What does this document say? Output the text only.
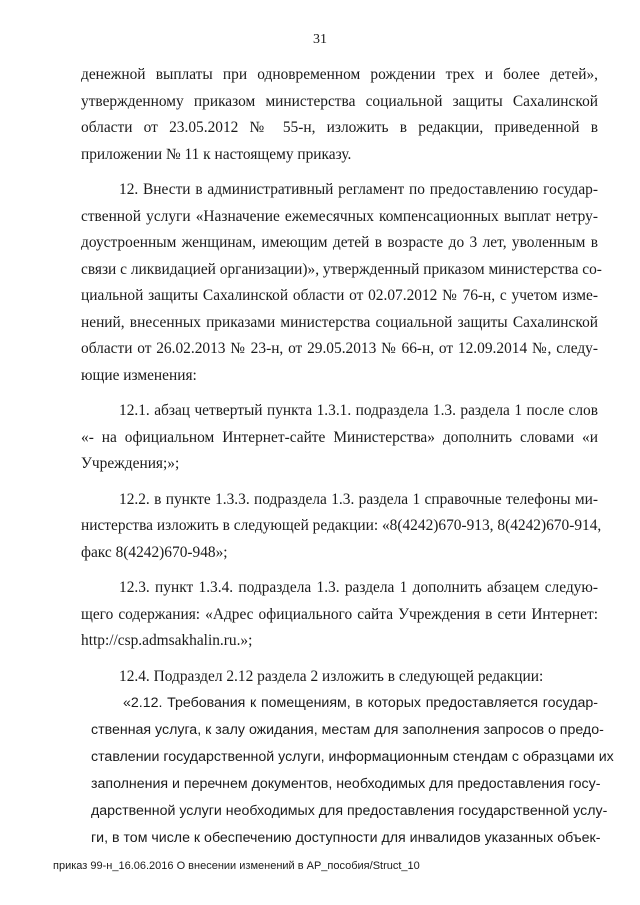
31
денежной выплаты при одновременном рождении трех и более детей»,
утвержденному приказом министерства социальной защиты Сахалинской
области от 23.05.2012 № 55-н, изложить в редакции, приведенной в
приложении № 11 к настоящему приказу.
12. Внести в административный регламент по предоставлению государ-
ственной услуги «Назначение ежемесячных компенсационных выплат нетру-
доустроенным женщинам, имеющим детей в возрасте до 3 лет, уволенным в
связи с ликвидацией организации)», утвержденный приказом министерства со-
циальной защиты Сахалинской области от 02.07.2012 № 76-н, с учетом изме-
нений, внесенных приказами министерства социальной защиты Сахалинской
области от 26.02.2013 № 23-н, от 29.05.2013 № 66-н, от 12.09.2014 №, следу-
ющие изменения:
12.1. абзац четвертый пункта 1.3.1. подраздела 1.3. раздела 1 после слов
«- на официальном Интернет-сайте Министерства» дополнить словами «и
Учреждения;»;
12.2. в пункте 1.3.3. подраздела 1.3. раздела 1 справочные телефоны ми-
нистерства изложить в следующей редакции: «8(4242)670-913, 8(4242)670-914,
факс 8(4242)670-948»;
12.3. пункт 1.3.4. подраздела 1.3. раздела 1 дополнить абзацем следую-
щего содержания: «Адрес официального сайта Учреждения в сети Интернет:
http://csp.admsakhalin.ru.»;
12.4. Подраздел 2.12 раздела 2 изложить в следующей редакции:
«2.12. Требования к помещениям, в которых предоставляется государ-
ственная услуга, к залу ожидания, местам для заполнения запросов о предо-
ставлении государственной услуги, информационным стендам с образцами их
заполнения и перечнем документов, необходимых для предоставления госу-
дарственной услуги необходимых для предоставления государственной услу-
ги, в том числе к обеспечению доступности для инвалидов указанных объек-
приказ 99-н_16.06.2016 О внесении изменений в АР_пособия/Struct_10
